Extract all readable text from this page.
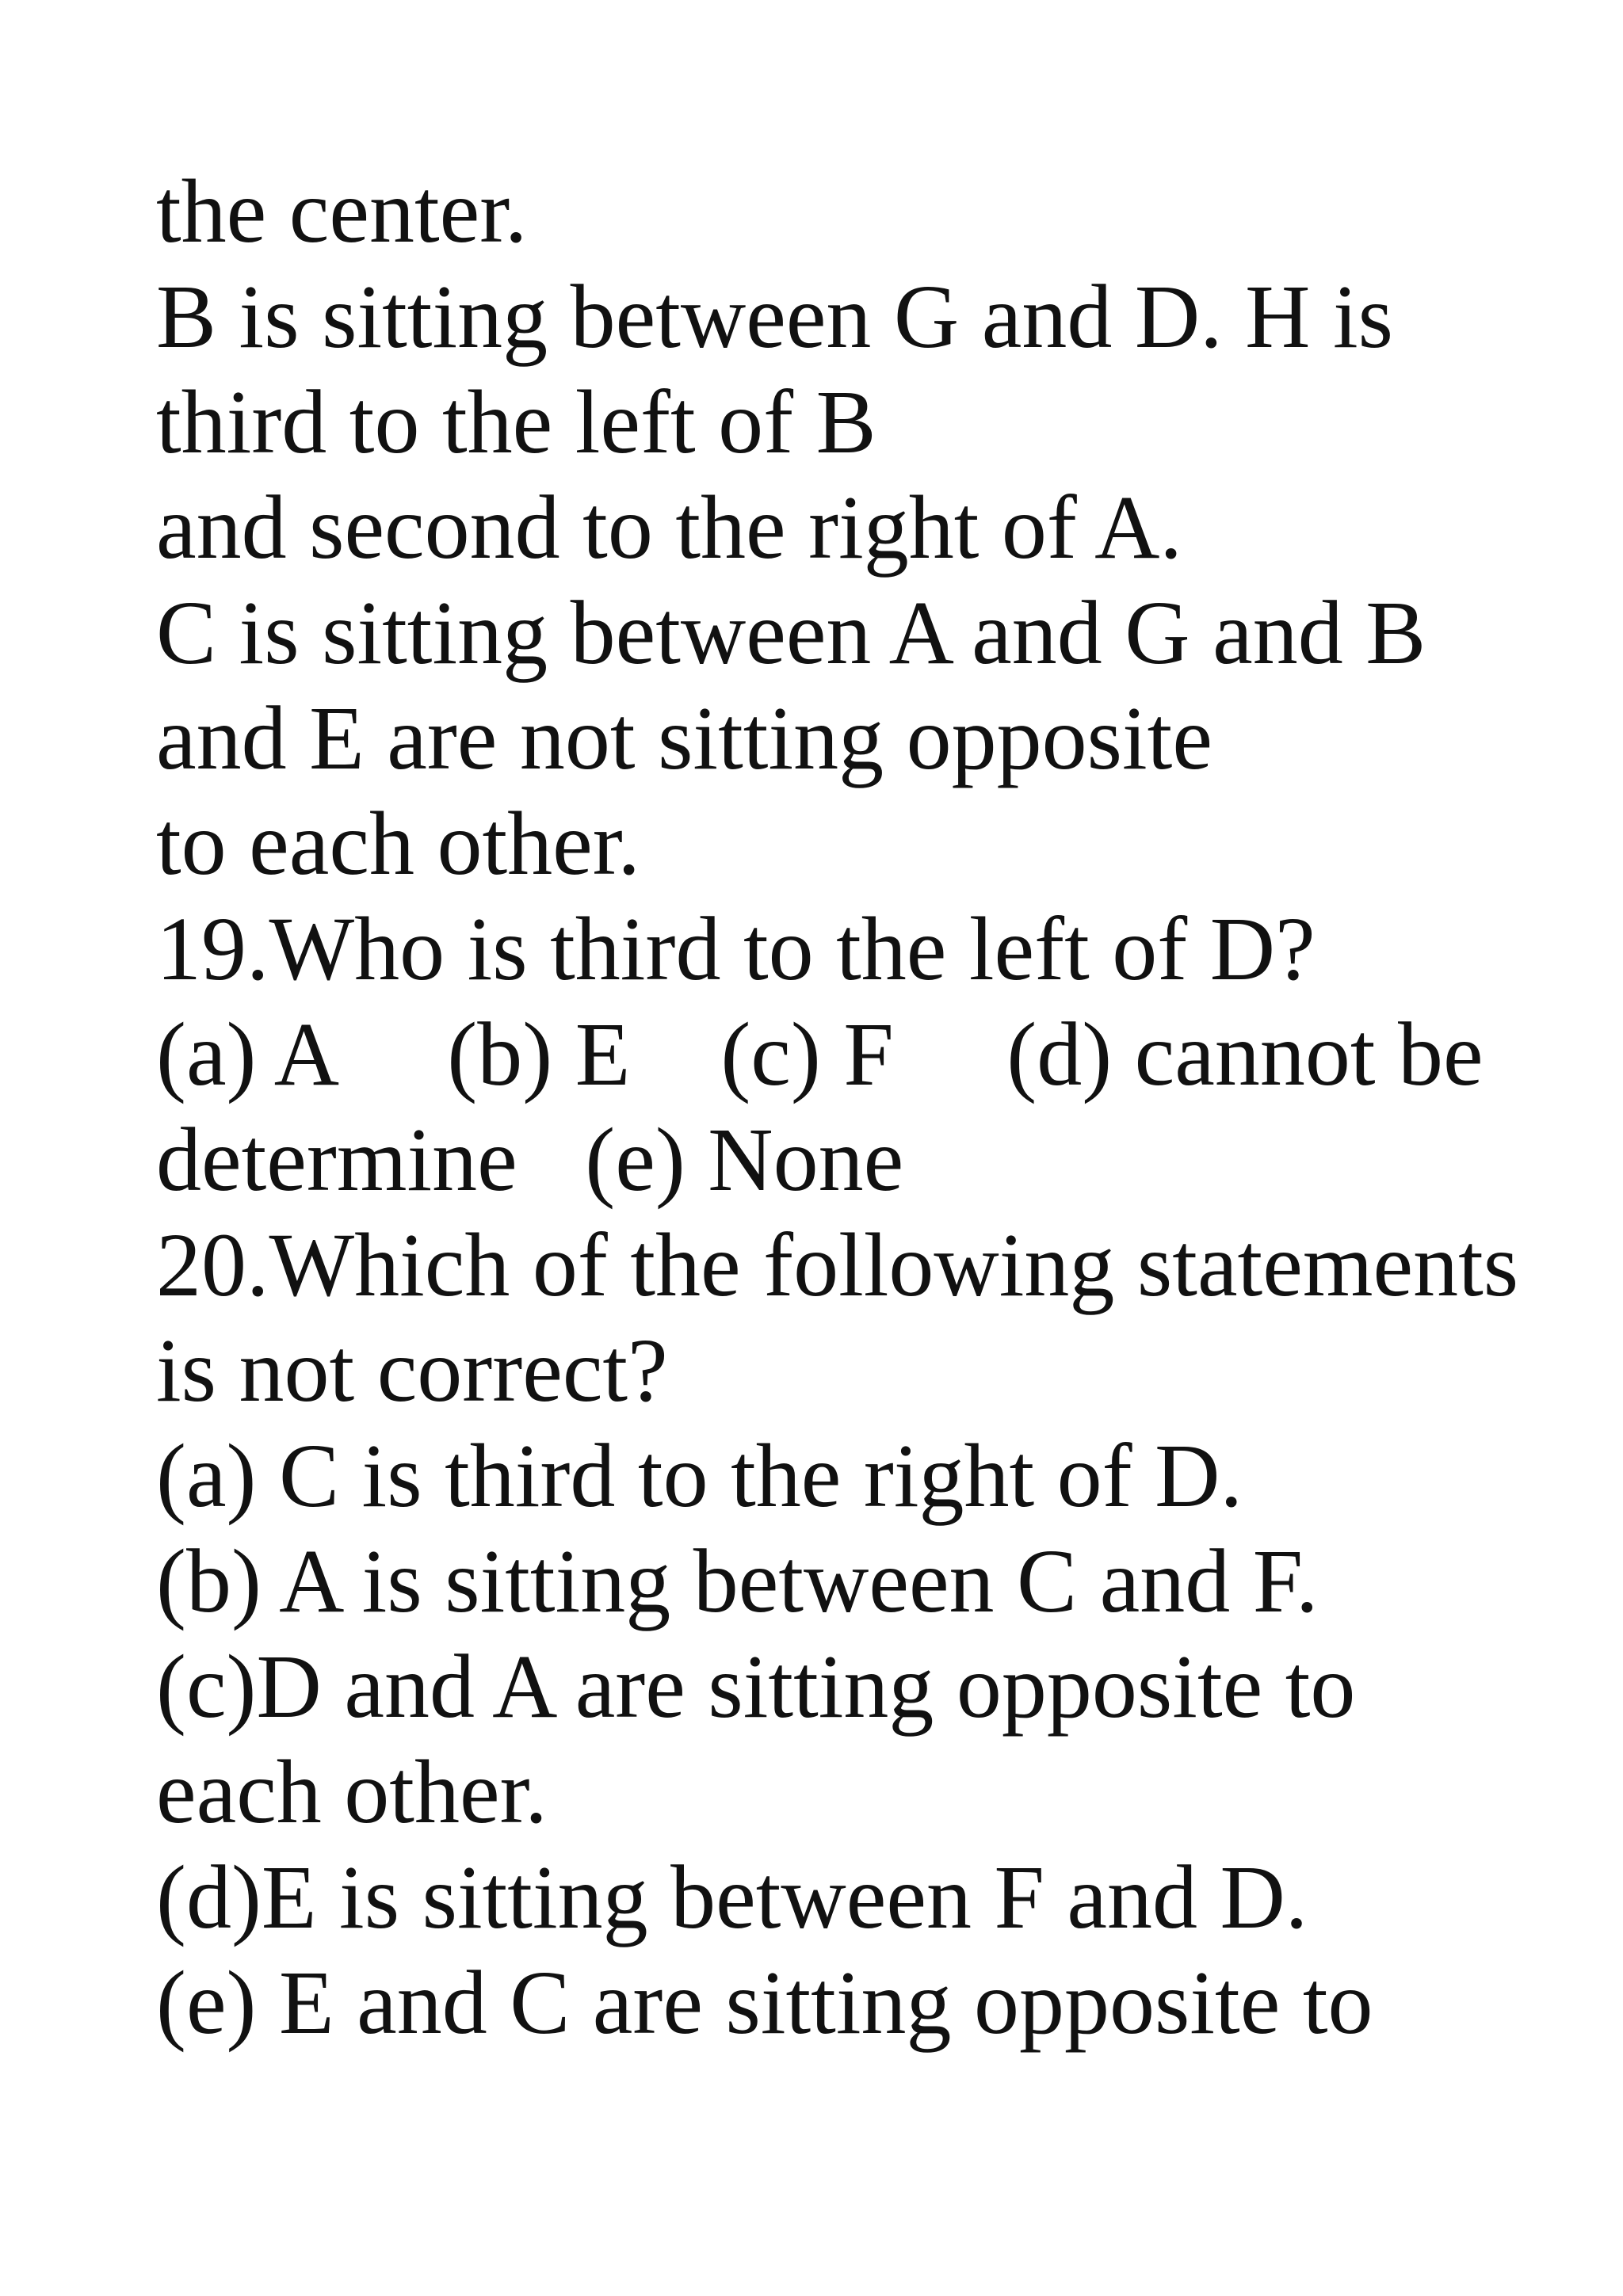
the center.
B is sitting between G and D. H is
third to the left of B
and second to the right of A.
C is sitting between A and G and B
and E are not sitting opposite
to each other.
19.Who is third to the left of D?
(a) A     (b) E    (c) F     (d) cannot be
determine   (e) None
20.Which of the following statements
is not correct?
(a) C is third to the right of D.
(b) A is sitting between C and F.
(c)D and A are sitting opposite to
each other.
(d)E is sitting between F and D.
(e) E and C are sitting opposite to
